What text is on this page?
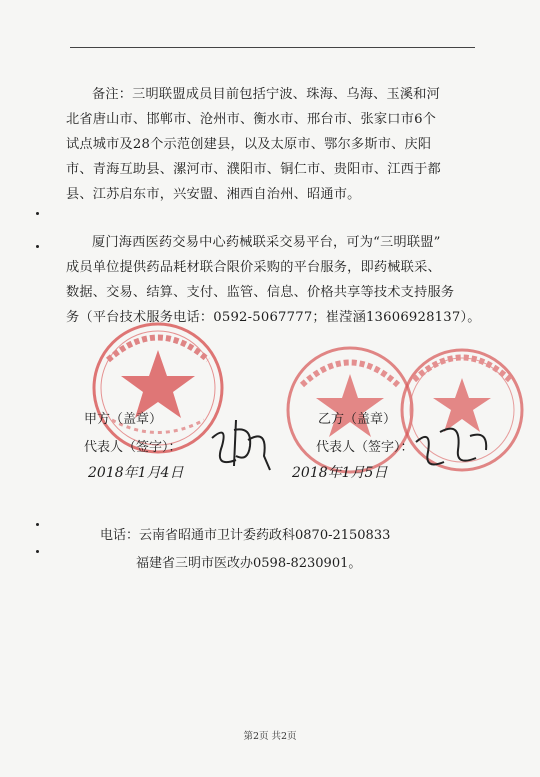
备注：三明联盟成员目前包括宁波、珠海、乌海、玉溪和河
北省唐山市、邯郸市、沧州市、衡水市、邢台市、张家口市6个
试点城市及28个示范创建县，以及太原市、鄂尔多斯市、庆阳
市、青海互助县、漯河市、濮阳市、铜仁市、贵阳市、江西于都
县、江苏启东市，兴安盟、湘西自治州、昭通市。
厦门海西医药交易中心药械联采交易平台，可为“三明联盟”
成员单位提供药品耗材联合限价采购的平台服务，即药械联采、
数据、交易、结算、支付、监管、信息、价格共享等技术支持服务
务（平台技术服务电话：0592-5067777；崔滢涵13606928137）。
甲方（盖章）
代表人（签字）：
2018年1月4日
乙方（盖章）
代表人（签字）：
2018年1月5日
电话：云南省昭通市卫计委药政科0870-2150833
福建省三明市医改办0598-8230901。
第2页 共2页
